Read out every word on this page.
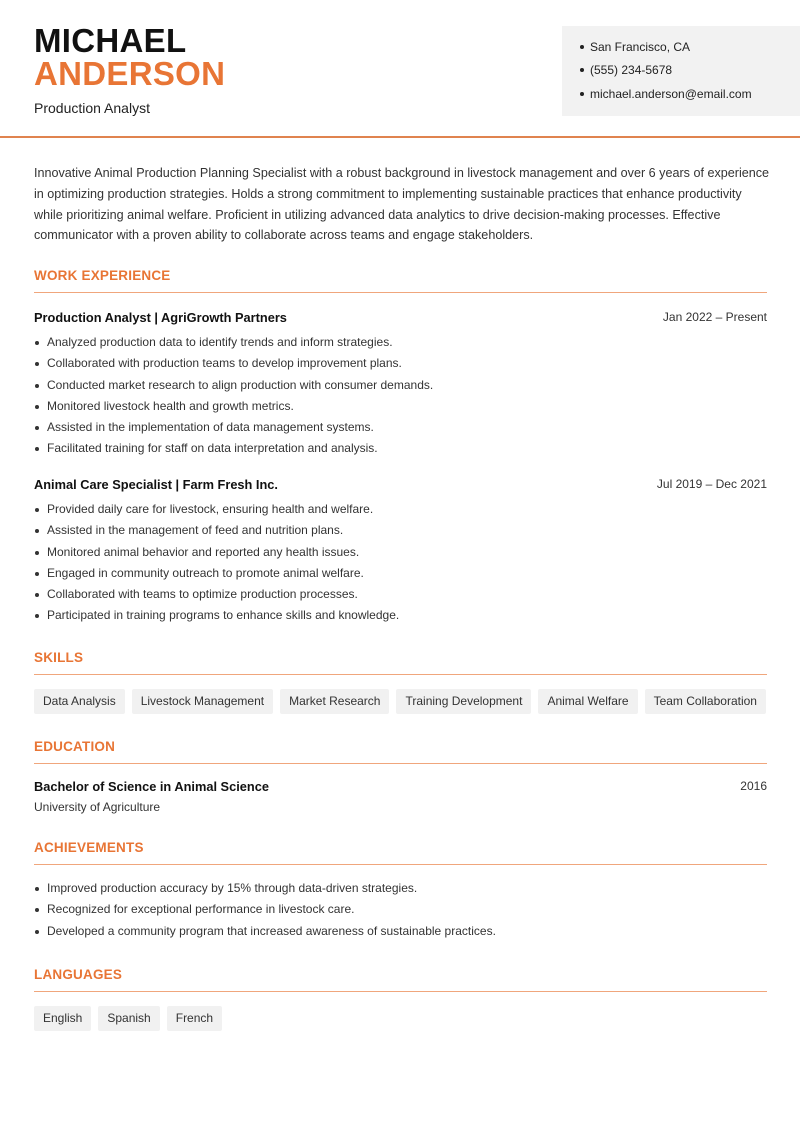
MICHAEL
ANDERSON
Production Analyst
San Francisco, CA
(555) 234-5678
michael.anderson@email.com

Innovative Animal Production Planning Specialist with a robust background in livestock management and over 6 years of experience in optimizing production strategies. Holds a strong commitment to implementing sustainable practices that enhance productivity while prioritizing animal welfare. Proficient in utilizing advanced data analytics to drive decision-making processes. Effective communicator with a proven ability to collaborate across teams and engage stakeholders.

WORK EXPERIENCE
Production Analyst | AgriGrowth Partners	Jan 2022 – Present
Analyzed production data to identify trends and inform strategies.
Collaborated with production teams to develop improvement plans.
Conducted market research to align production with consumer demands.
Monitored livestock health and growth metrics.
Assisted in the implementation of data management systems.
Facilitated training for staff on data interpretation and analysis.
Animal Care Specialist | Farm Fresh Inc.	Jul 2019 – Dec 2021
Provided daily care for livestock, ensuring health and welfare.
Assisted in the management of feed and nutrition plans.
Monitored animal behavior and reported any health issues.
Engaged in community outreach to promote animal welfare.
Collaborated with teams to optimize production processes.
Participated in training programs to enhance skills and knowledge.
SKILLS
Data Analysis	Livestock Management	Market Research	Training Development	Animal Welfare	Team Collaboration
EDUCATION
Bachelor of Science in Animal Science	2016
University of Agriculture
ACHIEVEMENTS
Improved production accuracy by 15% through data-driven strategies.
Recognized for exceptional performance in livestock care.
Developed a community program that increased awareness of sustainable practices.
LANGUAGES
English	Spanish	French
